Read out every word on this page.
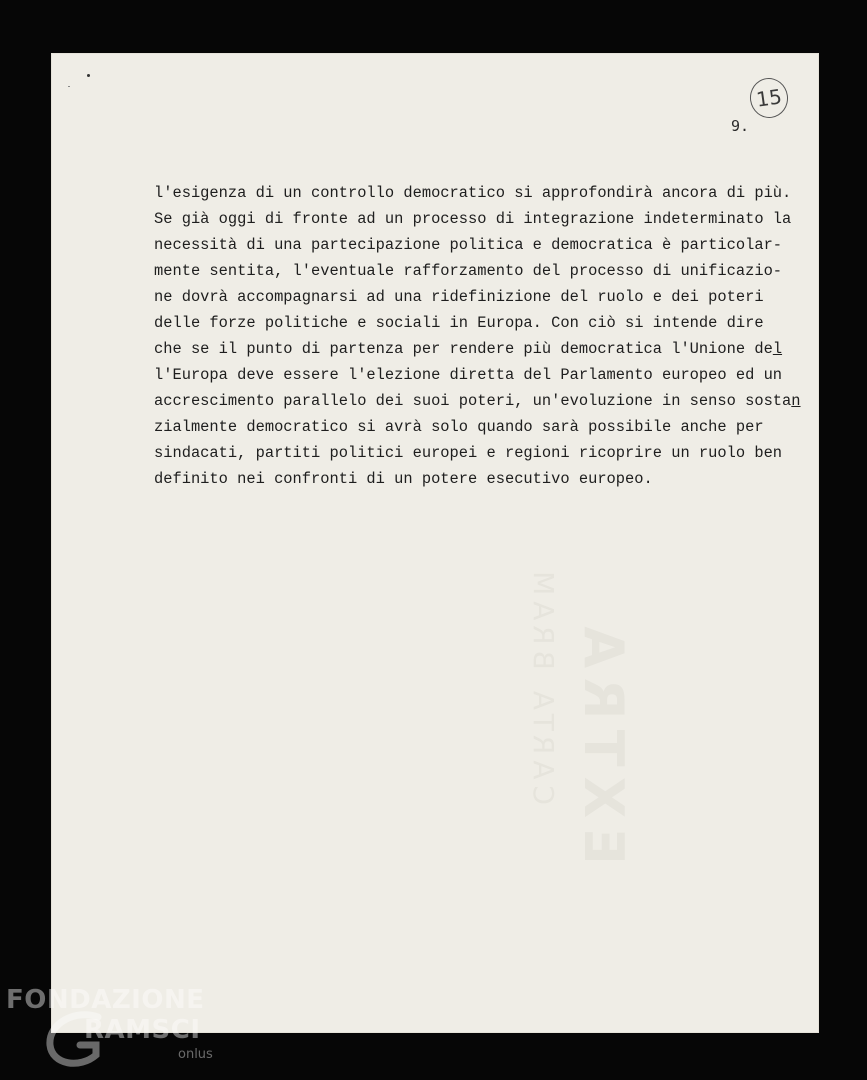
15
9.
l'esigenza di un controllo democratico si approfondirà ancora di più.
Se già oggi di fronte ad un processo di integrazione indeterminato la
necessità di una partecipazione politica e democratica è particolar-
mente sentita, l'eventuale rafforzamento del processo di unificazio-
ne dovrà accompagnarsi ad una ridefinizione del ruolo e dei poteri
delle forze politiche e sociali in Europa. Con ciò si intende dire
che se il punto di partenza per rendere più democratica l'Unione del
l'Europa deve essere l'elezione diretta del Parlamento europeo ed un
accrescimento parallelo dei suoi poteri, un'evoluzione in senso sostan
zialmente democratico si avrà solo quando sarà possibile anche per
sindacati, partiti politici europei e regioni ricoprire un ruolo ben
definito nei confronti di un potere esecutivo europeo.
FONDAZIONE
RAMSCI
onlus
